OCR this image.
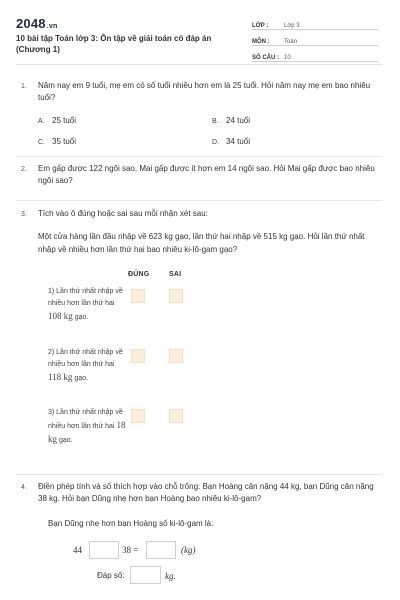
2048.vn
10 bài tập Toán lớp 3: Ôn tập về giải toán có đáp án (Chương 1)
LỚP :	Lớp 3
MÔN :	Toán
SỐ CÂU : 10
1. Năm nay em 9 tuổi, mẹ em có số tuổi nhiều hơn em là 25 tuổi. Hỏi năm nay mẹ em bao nhiêu tuổi?
A. 25 tuổi	B. 24 tuổi
C. 35 tuổi	D. 34 tuổi
2. Em gấp được 122 ngôi sao, Mai gấp được ít hơn em 14 ngôi sao. Hỏi Mai gấp được bao nhiêu ngôi sao?
3. Tích vào ô đúng hoặc sai sau mỗi nhận xét sau:
Một cửa hàng lần đầu nhập về 623 kg gạo, lần thứ hai nhập về 515 kg gạo. Hỏi lần thứ nhất nhập về nhiều hơn lần thứ hai bao nhiêu ki-lô-gam gạo?
ĐÚNG	SAI
1) Lần thứ nhất nhập về nhiều hơn lần thứ hai 108 kg gạo.
2) Lần thứ nhất nhập về nhiều hơn lần thứ hai 118 kg gạo.
3) Lần thứ nhất nhập về nhiều hơn lần thứ hai 18 kg gạo.
4. Điền phép tính và số thích hợp vào chỗ trống: Bạn Hoàng cân nặng 44 kg, bạn Dũng cân nặng 38 kg. Hỏi bạn Dũng nhẹ hơn bạn Hoàng bao nhiêu ki-lô-gam?
Bạn Dũng nhẹ hơn bạn Hoàng số ki-lô-gam là:
44	38 =	(kg)
Đáp số:	kg.
